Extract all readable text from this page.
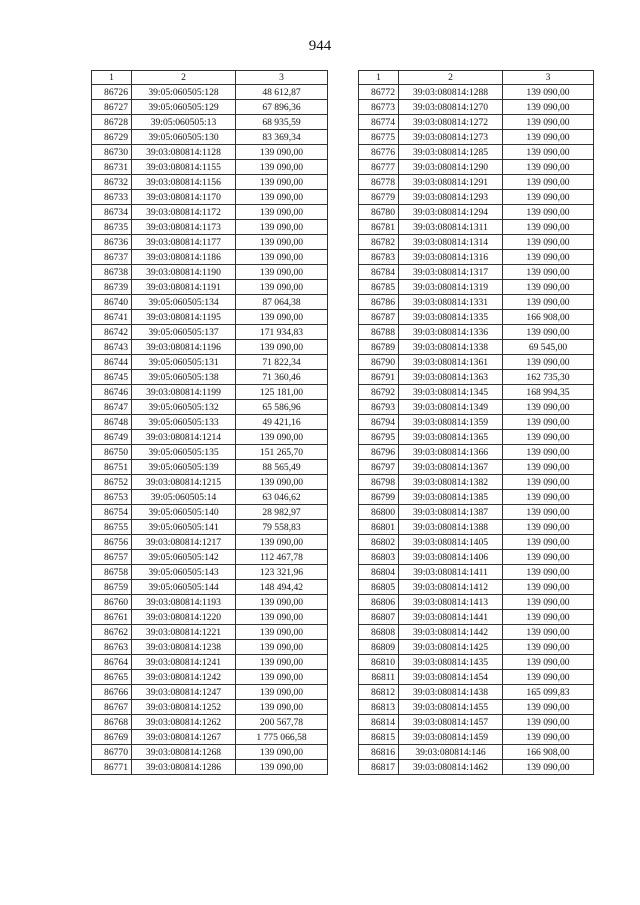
944
1	2	3
86726	39:05:060505:128	48 612,87
86727	39:05:060505:129	67 896,36
86728	39:05:060505:13	68 935,59
86729	39:05:060505:130	83 369,34
86730	39:03:080814:1128	139 090,00
86731	39:03:080814:1155	139 090,00
86732	39:03:080814:1156	139 090,00
86733	39:03:080814:1170	139 090,00
86734	39:03:080814:1172	139 090,00
86735	39:03:080814:1173	139 090,00
86736	39:03:080814:1177	139 090,00
86737	39:03:080814:1186	139 090,00
86738	39:03:080814:1190	139 090,00
86739	39:03:080814:1191	139 090,00
86740	39:05:060505:134	87 064,38
86741	39:03:080814:1195	139 090,00
86742	39:05:060505:137	171 934,83
86743	39:03:080814:1196	139 090,00
86744	39:05:060505:131	71 822,34
86745	39:05:060505:138	71 360,46
86746	39:03:080814:1199	125 181,00
86747	39:05:060505:132	65 586,96
86748	39:05:060505:133	49 421,16
86749	39:03:080814:1214	139 090,00
86750	39:05:060505:135	151 265,70
86751	39:05:060505:139	88 565,49
86752	39:03:080814:1215	139 090,00
86753	39:05:060505:14	63 046,62
86754	39:05:060505:140	28 982,97
86755	39:05:060505:141	79 558,83
86756	39:03:080814:1217	139 090,00
86757	39:05:060505:142	112 467,78
86758	39:05:060505:143	123 321,96
86759	39:05:060505:144	148 494,42
86760	39:03:080814:1193	139 090,00
86761	39:03:080814:1220	139 090,00
86762	39:03:080814:1221	139 090,00
86763	39:03:080814:1238	139 090,00
86764	39:03:080814:1241	139 090,00
86765	39:03:080814:1242	139 090,00
86766	39:03:080814:1247	139 090,00
86767	39:03:080814:1252	139 090,00
86768	39:03:080814:1262	200 567,78
86769	39:03:080814:1267	1 775 066,58
86770	39:03:080814:1268	139 090,00
86771	39:03:080814:1286	139 090,00
1	2	3
86772	39:03:080814:1288	139 090,00
86773	39:03:080814:1270	139 090,00
86774	39:03:080814:1272	139 090,00
86775	39:03:080814:1273	139 090,00
86776	39:03:080814:1285	139 090,00
86777	39:03:080814:1290	139 090,00
86778	39:03:080814:1291	139 090,00
86779	39:03:080814:1293	139 090,00
86780	39:03:080814:1294	139 090,00
86781	39:03:080814:1311	139 090,00
86782	39:03:080814:1314	139 090,00
86783	39:03:080814:1316	139 090,00
86784	39:03:080814:1317	139 090,00
86785	39:03:080814:1319	139 090,00
86786	39:03:080814:1331	139 090,00
86787	39:03:080814:1335	166 908,00
86788	39:03:080814:1336	139 090,00
86789	39:03:080814:1338	69 545,00
86790	39:03:080814:1361	139 090,00
86791	39:03:080814:1363	162 735,30
86792	39:03:080814:1345	168 994,35
86793	39:03:080814:1349	139 090,00
86794	39:03:080814:1359	139 090,00
86795	39:03:080814:1365	139 090,00
86796	39:03:080814:1366	139 090,00
86797	39:03:080814:1367	139 090,00
86798	39:03:080814:1382	139 090,00
86799	39:03:080814:1385	139 090,00
86800	39:03:080814:1387	139 090,00
86801	39:03:080814:1388	139 090,00
86802	39:03:080814:1405	139 090,00
86803	39:03:080814:1406	139 090,00
86804	39:03:080814:1411	139 090,00
86805	39:03:080814:1412	139 090,00
86806	39:03:080814:1413	139 090,00
86807	39:03:080814:1441	139 090,00
86808	39:03:080814:1442	139 090,00
86809	39:03:080814:1425	139 090,00
86810	39:03:080814:1435	139 090,00
86811	39:03:080814:1454	139 090,00
86812	39:03:080814:1438	165 099,83
86813	39:03:080814:1455	139 090,00
86814	39:03:080814:1457	139 090,00
86815	39:03:080814:1459	139 090,00
86816	39:03:080814:146	166 908,00
86817	39:03:080814:1462	139 090,00
